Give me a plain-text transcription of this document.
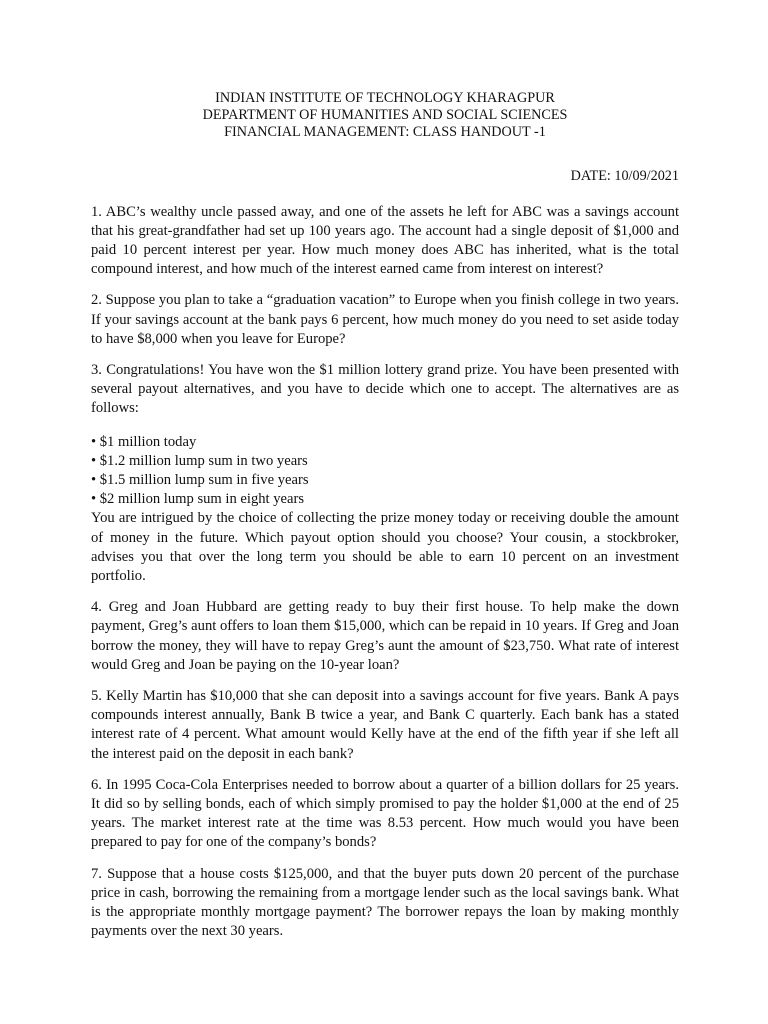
INDIAN INSTITUTE OF TECHNOLOGY KHARAGPUR
DEPARTMENT OF HUMANITIES AND SOCIAL SCIENCES
FINANCIAL MANAGEMENT: CLASS HANDOUT -1
DATE: 10/09/2021

1. ABC’s wealthy uncle passed away, and one of the assets he left for ABC was a savings account that his great-grandfather had set up 100 years ago. The account had a single deposit of $1,000 and paid 10 percent interest per year. How much money does ABC has inherited, what is the total compound interest, and how much of the interest earned came from interest on interest?

2. Suppose you plan to take a “graduation vacation” to Europe when you finish college in two years. If your savings account at the bank pays 6 percent, how much money do you need to set aside today to have $8,000 when you leave for Europe?

3. Congratulations! You have won the $1 million lottery grand prize. You have been presented with several payout alternatives, and you have to decide which one to accept. The alternatives are as follows:

• $1 million today
• $1.2 million lump sum in two years
• $1.5 million lump sum in five years
• $2 million lump sum in eight years

You are intrigued by the choice of collecting the prize money today or receiving double the amount of money in the future. Which payout option should you choose? Your cousin, a stockbroker, advises you that over the long term you should be able to earn 10 percent on an investment portfolio.

4. Greg and Joan Hubbard are getting ready to buy their first house. To help make the down payment, Greg’s aunt offers to loan them $15,000, which can be repaid in 10 years. If Greg and Joan borrow the money, they will have to repay Greg’s aunt the amount of $23,750. What rate of interest would Greg and Joan be paying on the 10-year loan?

5. Kelly Martin has $10,000 that she can deposit into a savings account for five years. Bank A pays compounds interest annually, Bank B twice a year, and Bank C quarterly. Each bank has a stated interest rate of 4 percent. What amount would Kelly have at the end of the fifth year if she left all the interest paid on the deposit in each bank?

6. In 1995 Coca-Cola Enterprises needed to borrow about a quarter of a billion dollars for 25 years. It did so by selling bonds, each of which simply promised to pay the holder $1,000 at the end of 25 years. The market interest rate at the time was 8.53 percent. How much would you have been prepared to pay for one of the company’s bonds?

7. Suppose that a house costs $125,000, and that the buyer puts down 20 percent of the purchase price in cash, borrowing the remaining from a mortgage lender such as the local savings bank. What is the appropriate monthly mortgage payment? The borrower repays the loan by making monthly payments over the next 30 years.
